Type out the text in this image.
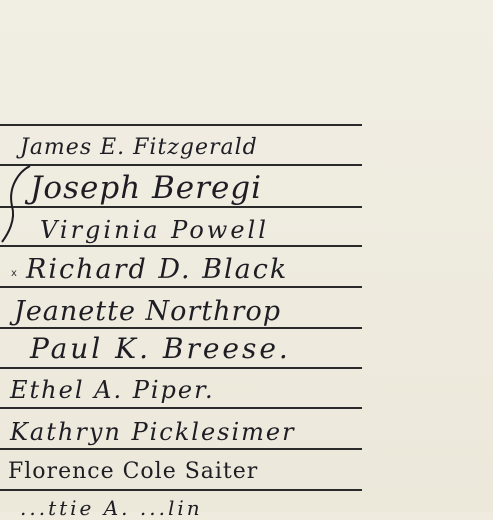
x
James E. Fitzgerald
Joseph Beregi
Virginia Powell
Richard D. Black
Jeanette Northrop
Paul K. Breese.
Ethel A. Piper.
Kathryn Picklesimer
Florence Cole Saiter
...ttie A. ...lin
